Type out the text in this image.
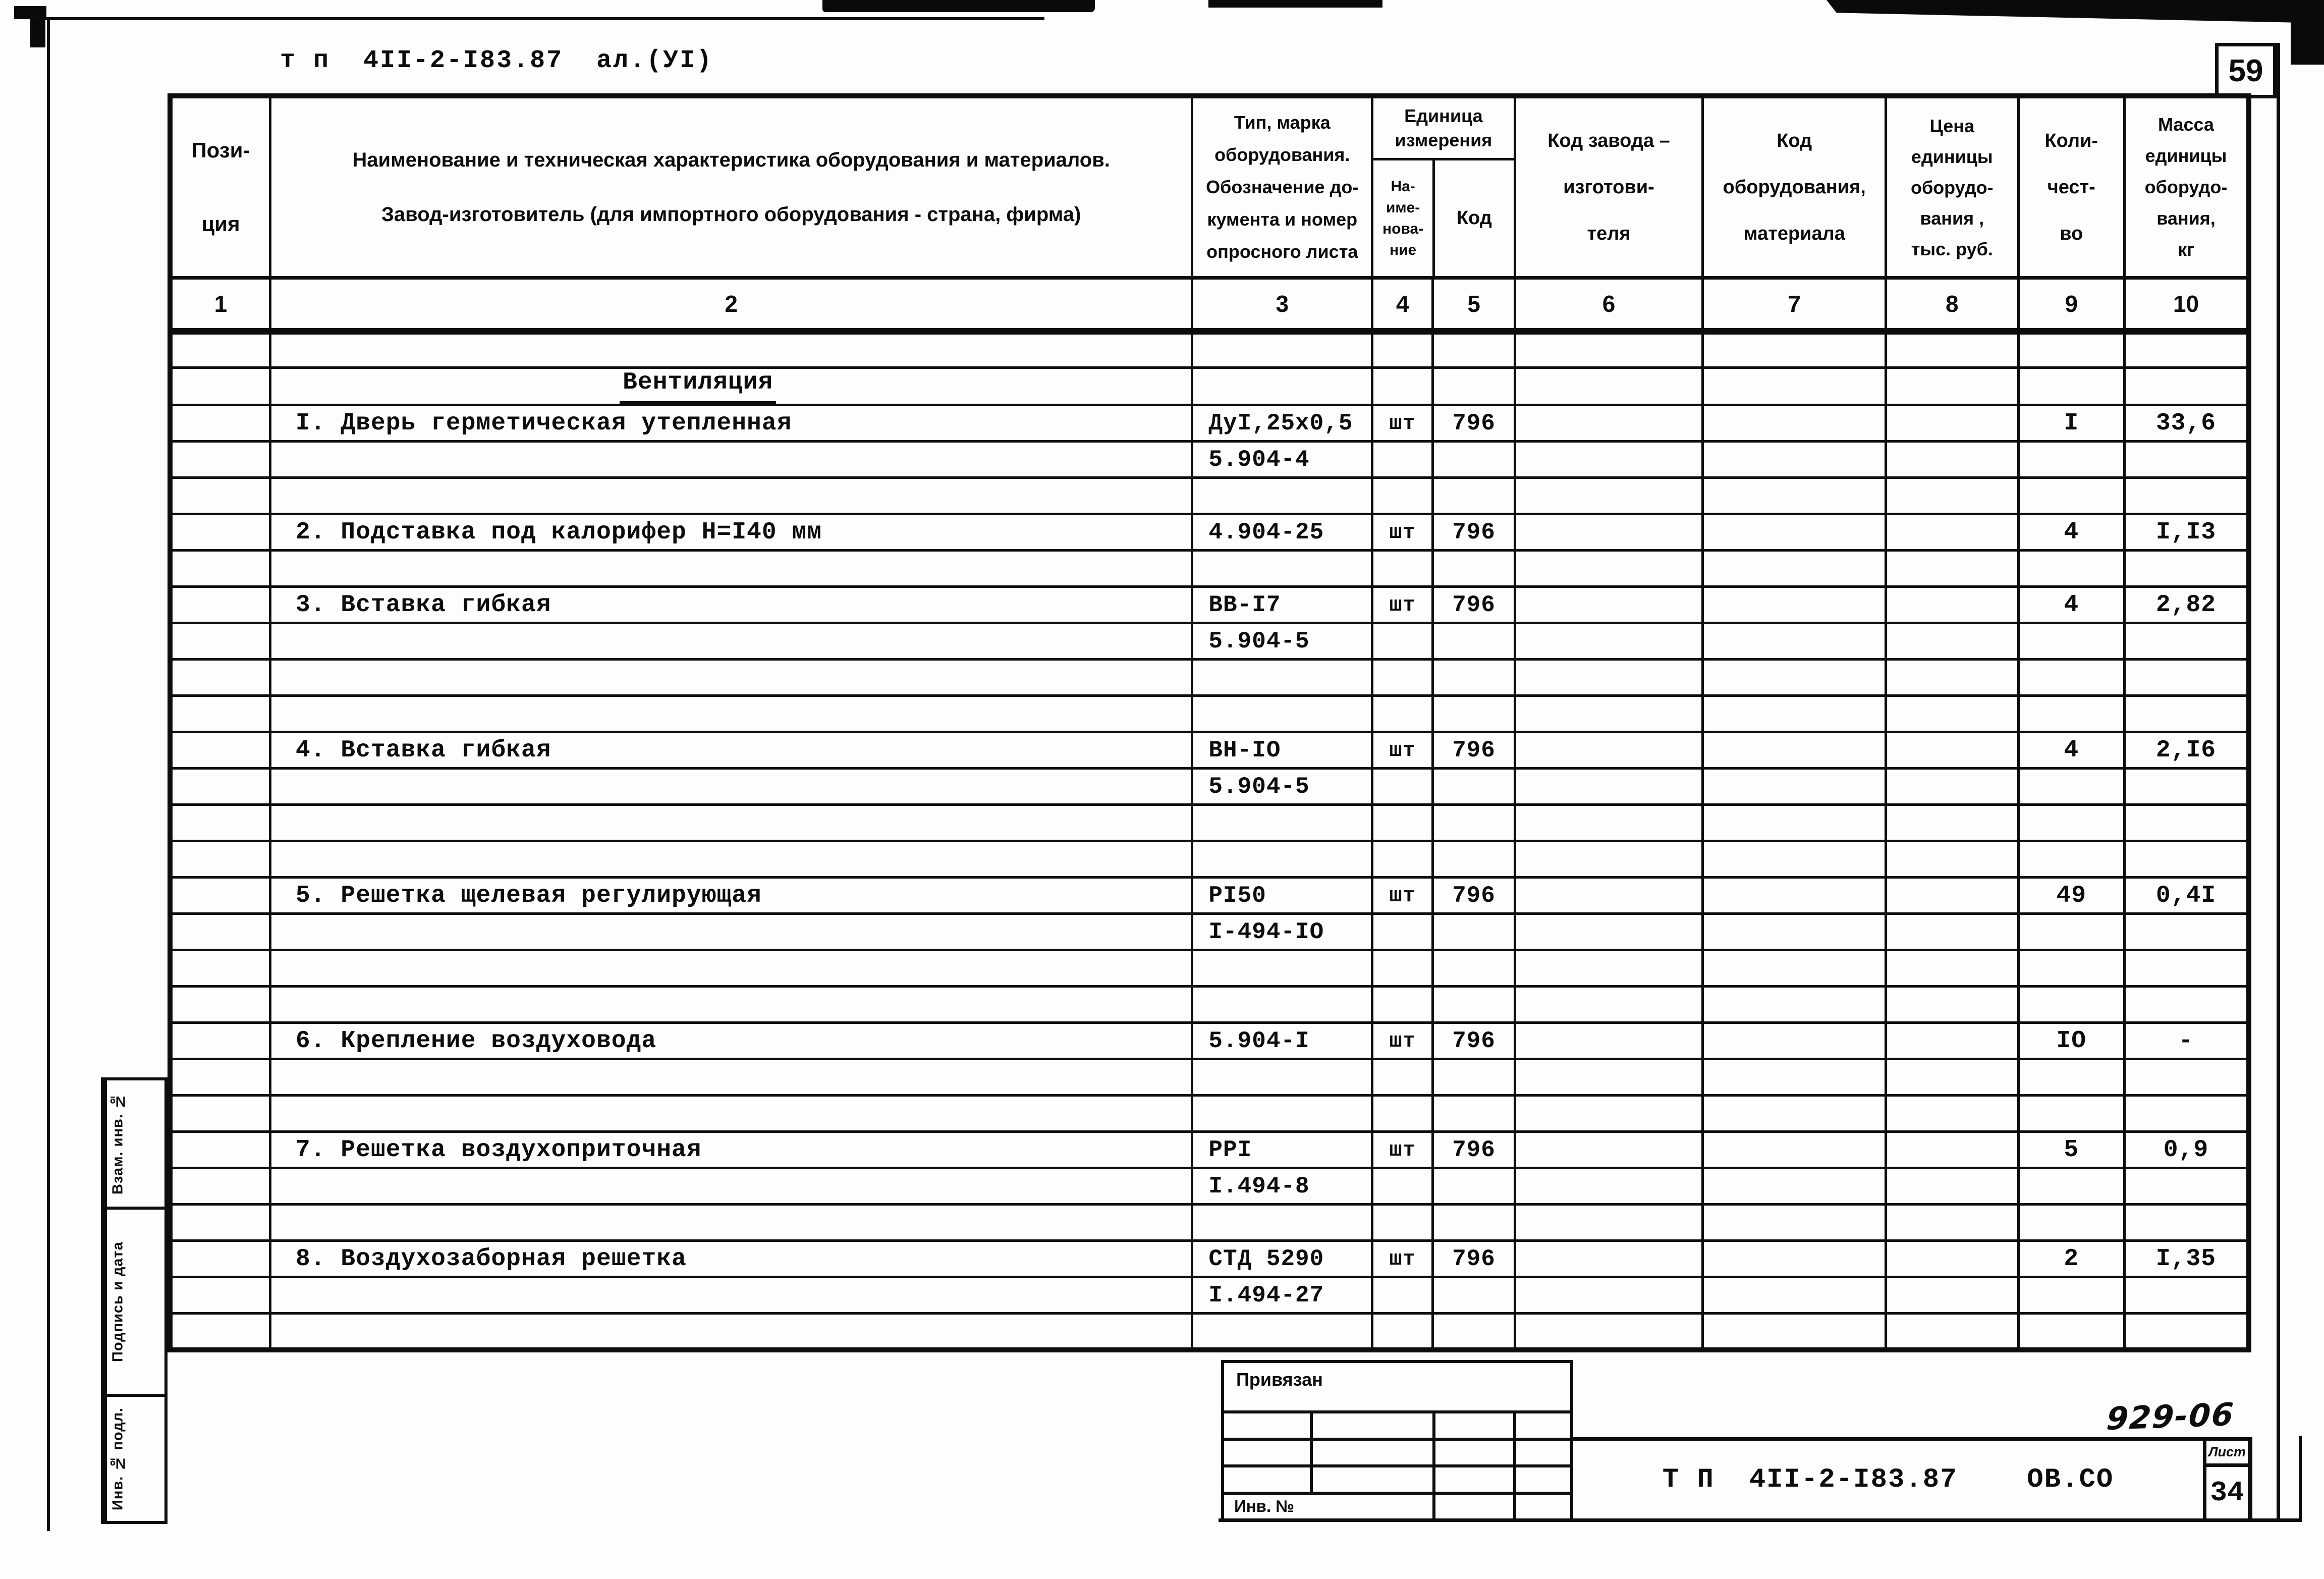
т п  4II-2-I83.87  ал.(УI)	59
Пози-
ция

Наименование и техническая характеристика оборудования и материалов.
Завод-изготовитель (для импортного оборудования - страна, фирма)

Тип, марка
оборудования.
Обозначение до-
кумента и номер
опросного листа

Единица
измерения
На-
име-
нова-
ние
Код

Код завода –
изготови-
теля

Код
оборудования,
материала

Цена
единицы
оборудо-
вания ,
тыс. руб.

Коли-
чест-
во

Масса
единицы
оборудо-
вания,
кг

1	2	3	4	5	6	7	8	9	10

	Вентиляция								
	I. Дверь герметическая утепленная	ДуI,25х0,5	шт	796				I	33,6
		5.904-4							

	2. Подставка под калорифер Н=I40 мм	4.904-25	шт	796				4	I,I3

	3. Вставка гибкая	ВВ-I7	шт	796				4	2,82
		5.904-5							

	4. Вставка гибкая	ВН-IO	шт	796				4	2,I6
		5.904-5							

	5. Решетка щелевая регулирующая	РI50	шт	796				49	0,4I
		I-494-IO							

	6. Крепление воздуховода	5.904-I	шт	796				IO	-

	7. Решетка воздухоприточная	РРI	шт	796				5	0,9
		I.494-8							

	8. Воздухозаборная решетка	СТД 5290	шт	796				2	I,35
		I.494-27							

Взам. инв. №
Подпись и дата
Инв. № подл.
Привязан
Инв. №
929-06
Т П  4II-2-I83.87    ОВ.СО
Лист
34
